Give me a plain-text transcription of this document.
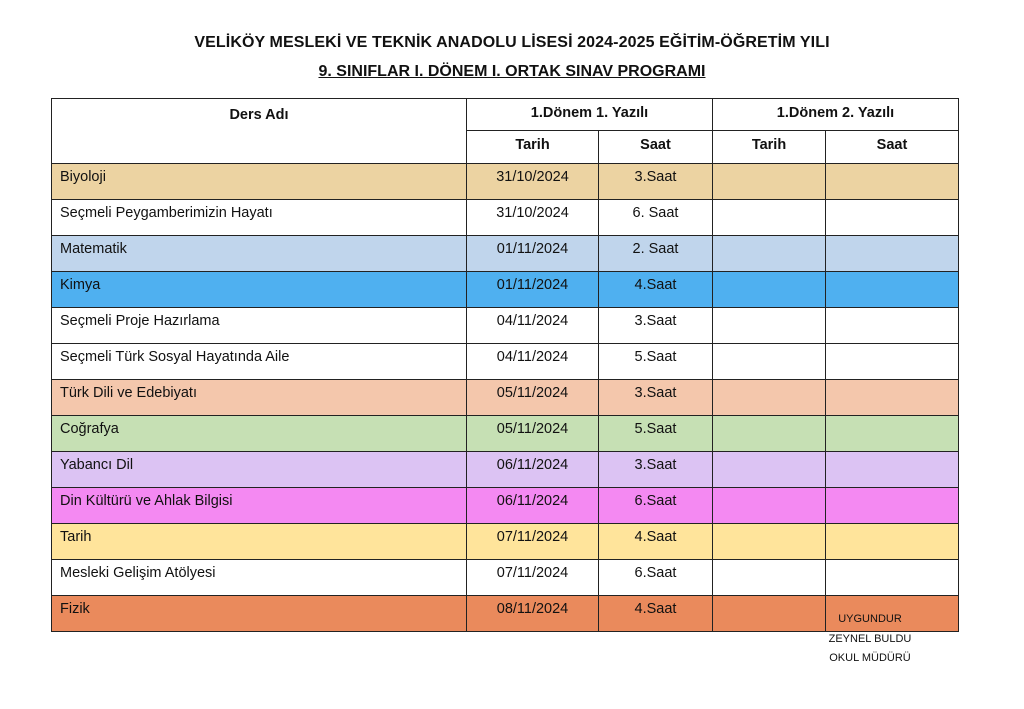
VELİKÖY MESLEKİ VE TEKNİK ANADOLU LİSESİ 2024-2025 EĞİTİM-ÖĞRETİM YILI
9. SINIFLAR I. DÖNEM I. ORTAK SINAV PROGRAMI
Ders Adı	1.Dönem 1. Yazılı		1.Dönem 2. Yazılı	
	Tarih	Saat	Tarih	Saat
Biyoloji	31/10/2024	3.Saat		
Seçmeli Peygamberimizin Hayatı	31/10/2024	6. Saat		
Matematik	01/11/2024	2. Saat		
Kimya	01/11/2024	4.Saat		
Seçmeli Proje Hazırlama	04/11/2024	3.Saat		
Seçmeli Türk Sosyal Hayatında Aile	04/11/2024	5.Saat		
Türk Dili ve Edebiyatı	05/11/2024	3.Saat		
Coğrafya	05/11/2024	5.Saat		
Yabancı Dil	06/11/2024	3.Saat		
Din Kültürü ve Ahlak Bilgisi	06/11/2024	6.Saat		
Tarih	07/11/2024	4.Saat		
Mesleki Gelişim Atölyesi	07/11/2024	6.Saat		
Fizik	08/11/2024	4.Saat		
UYGUNDUR
ZEYNEL BULDU
OKUL MÜDÜRÜ
